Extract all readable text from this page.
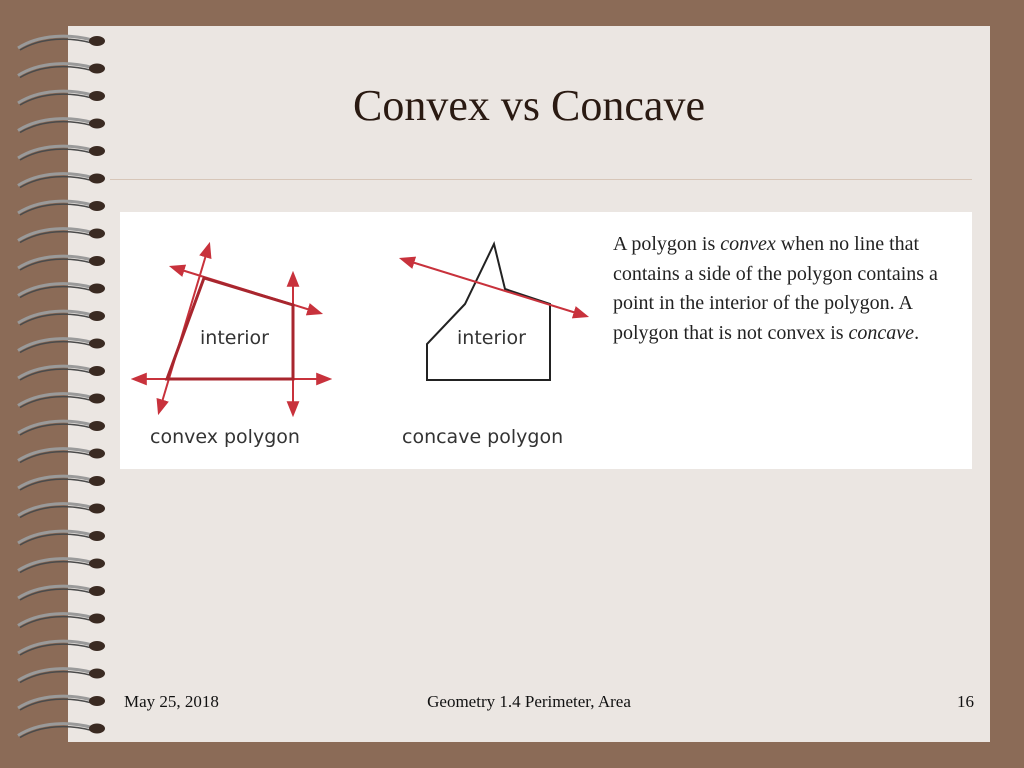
Convex vs Concave
interior
convex polygon
interior
concave polygon
A polygon is convex when no line that contains a side of the polygon contains a point in the interior of the polygon. A polygon that is not convex is concave.
May 25, 2018	Geometry 1.4 Perimeter, Area	16
